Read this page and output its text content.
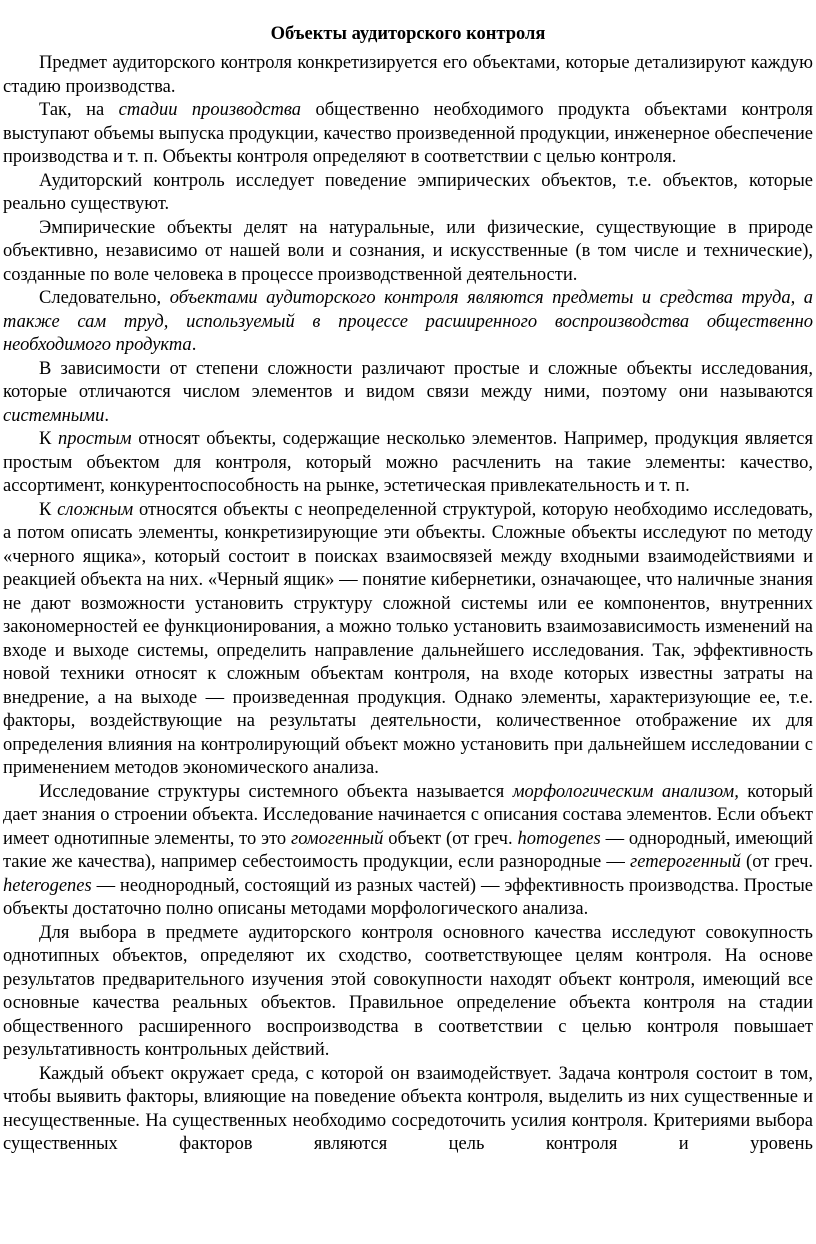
Объекты аудиторского контроля

Предмет аудиторского контроля конкретизируется его объектами, которые детализируют каждую стадию производства.

Так, на стадии производства общественно необходимого продукта объектами контроля выступают объемы выпуска продукции, качество произведенной продукции, инженерное обеспечение производства и т. п. Объекты контроля определяют в соответствии с целью контроля.

Аудиторский контроль исследует поведение эмпирических объектов, т.е. объектов, которые реально существуют.

Эмпирические объекты делят на натуральные, или физические, существующие в природе объективно, независимо от нашей воли и сознания, и искусственные (в том числе и технические), созданные по воле человека в процессе производственной деятельности.

Следовательно, объектами аудиторского контроля являются предметы и средства труда, а также сам труд, используемый в процессе расширенного воспроизводства общественно необходимого продукта.

В зависимости от степени сложности различают простые и сложные объекты исследования, которые отличаются числом элементов и видом связи между ними, поэтому они называются системными.

К простым относят объекты, содержащие несколько элементов. Например, продукция является простым объектом для контроля, который можно расчленить на такие элементы: качество, ассортимент, конкурентоспособность на рынке, эстетическая привлекательность и т. п.

К сложным относятся объекты с неопределенной структурой, которую необходимо исследовать, а потом описать элементы, конкретизирующие эти объекты. Сложные объекты исследуют по методу «черного ящика», который состоит в поисках взаимосвязей между входными взаимодействиями и реакцией объекта на них. «Черный ящик» — понятие кибернетики, означающее, что наличные знания не дают возможности установить структуру сложной системы или ее компонентов, внутренних закономерностей ее функционирования, а можно только установить взаимозависимость изменений на входе и выходе системы, определить направление дальнейшего исследования. Так, эффективность новой техники относят к сложным объектам контроля, на входе которых известны затраты на внедрение, а на выходе — произведенная продукция. Однако элементы, характеризующие ее, т.е. факторы, воздействующие на результаты деятельности, количественное отображение их для определения влияния на контролирующий объект можно установить при дальнейшем исследовании с применением методов экономического анализа.

Исследование структуры системного объекта называется морфологическим анализом, который дает знания о строении объекта. Исследование начинается с описания состава элементов. Если объект имеет однотипные элементы, то это гомогенный объект (от греч. homogenes — однородный, имеющий такие же качества), например себестоимость продукции, если разнородные — гетерогенный (от греч. heterogenes — неоднородный, состоящий из разных частей) — эффективность производства. Простые объекты достаточно полно описаны методами морфологического анализа.

Для выбора в предмете аудиторского контроля основного качества исследуют совокупность однотипных объектов, определяют их сходство, соответствующее целям контроля. На основе результатов предварительного изучения этой совокупности находят объект контроля, имеющий все основные качества реальных объектов. Правильное определение объекта контроля на стадии общественного расширенного воспроизводства в соответствии с целью контроля повышает результативность контрольных действий.

Каждый объект окружает среда, с которой он взаимодействует. Задача контроля состоит в том, чтобы выявить факторы, влияющие на поведение объекта контроля, выделить из них существенные и несущественные. На существенных необходимо сосредоточить усилия контроля. Критериями выбора существенных факторов являются цель контроля и уровень
